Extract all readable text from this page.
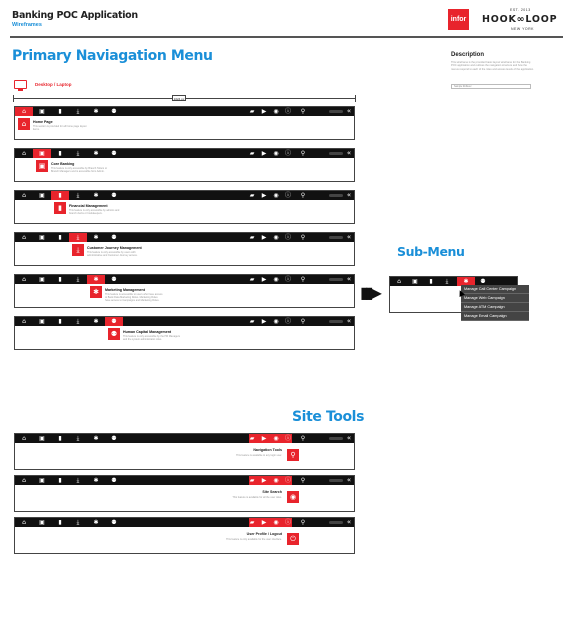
Banking POC Application
Wireframes
infor
EST. 2013
HOOK∞LOOP
NEW YORK
Primary Naviagation Menu	Description
This wireframe is the provided basic layout wireframe for the Banking POC application and outlines the navigation structure and how the menus respond to each of the roles and access levels of the application.
Sample Rollover
Desktop / Laptop
1024 px
⌂ ▣ ▮	⤓ ✱ ⚉	▰ ▶ ◉ ⓘ ⚲	«
⌂	Home Page
This section is provided for all home page layout items.
⌂ ▣ ▮	⤓ ✱ ⚉	▰ ▶ ◉ ⓘ ⚲	«
▣	Core Banking
This feature is only accessible by Branch Tellers or Branch Managers and is accessible from Admin.
⌂ ▣ ▮	⤓ ✱ ⚉	▰ ▶ ◉ ⓘ ⚲	«
▮	Financial Management
This feature is only accessible by admins and branch clerks or bookkeepers.
⌂ ▣ ▮	⤓ ✱ ⚉	▰ ▶ ◉ ⓘ ⚲	«
⤓	Customer Journey Management
This feature is only accessible by users with administrative and Customer Journey access.
⌂ ▣ ▮	⤓ ✱ ⚉	▰ ▶ ◉ ⓘ ⚲	«
✱	Marketing Management
This feature is accessible to users who have access to Bank Data Marketing Roles. Marketing Roles have access to Campaigns and Marketing Roles.
⌂ ▣ ▮	⤓ ✱ ⚉	▰ ▶ ◉ ⓘ ⚲	«
⚉	Human Capital Management
This feature is only accessible by the HR Managers and the system administrator roles.
Sub-Menu
▮▮▶
⌂ ▣ ▮ ⤓	✱ ⚉
Manage Call Center Campaign
Manage Web Campaign
Manage ATM Campaign
Manage Email Campaign
Site Tools
⌂ ▣ ▮	⤓ ✱ ⚉	▰ ▶ ◉ ⓘ ⚲	«
⚲
Navigation Tools
This feature is available to any login user.
⌂ ▣ ▮	⤓ ✱ ⚉	▰ ▶ ◉ ⓘ ⚲	«
◉
Site Search
This feature is available for all the user roles.
⌂ ▣ ▮	⤓ ✱ ⚉	▰ ▶ ◉ ⓘ ⚲	«
⏻
User Profile / Logout
This feature is only available for the user interface.
